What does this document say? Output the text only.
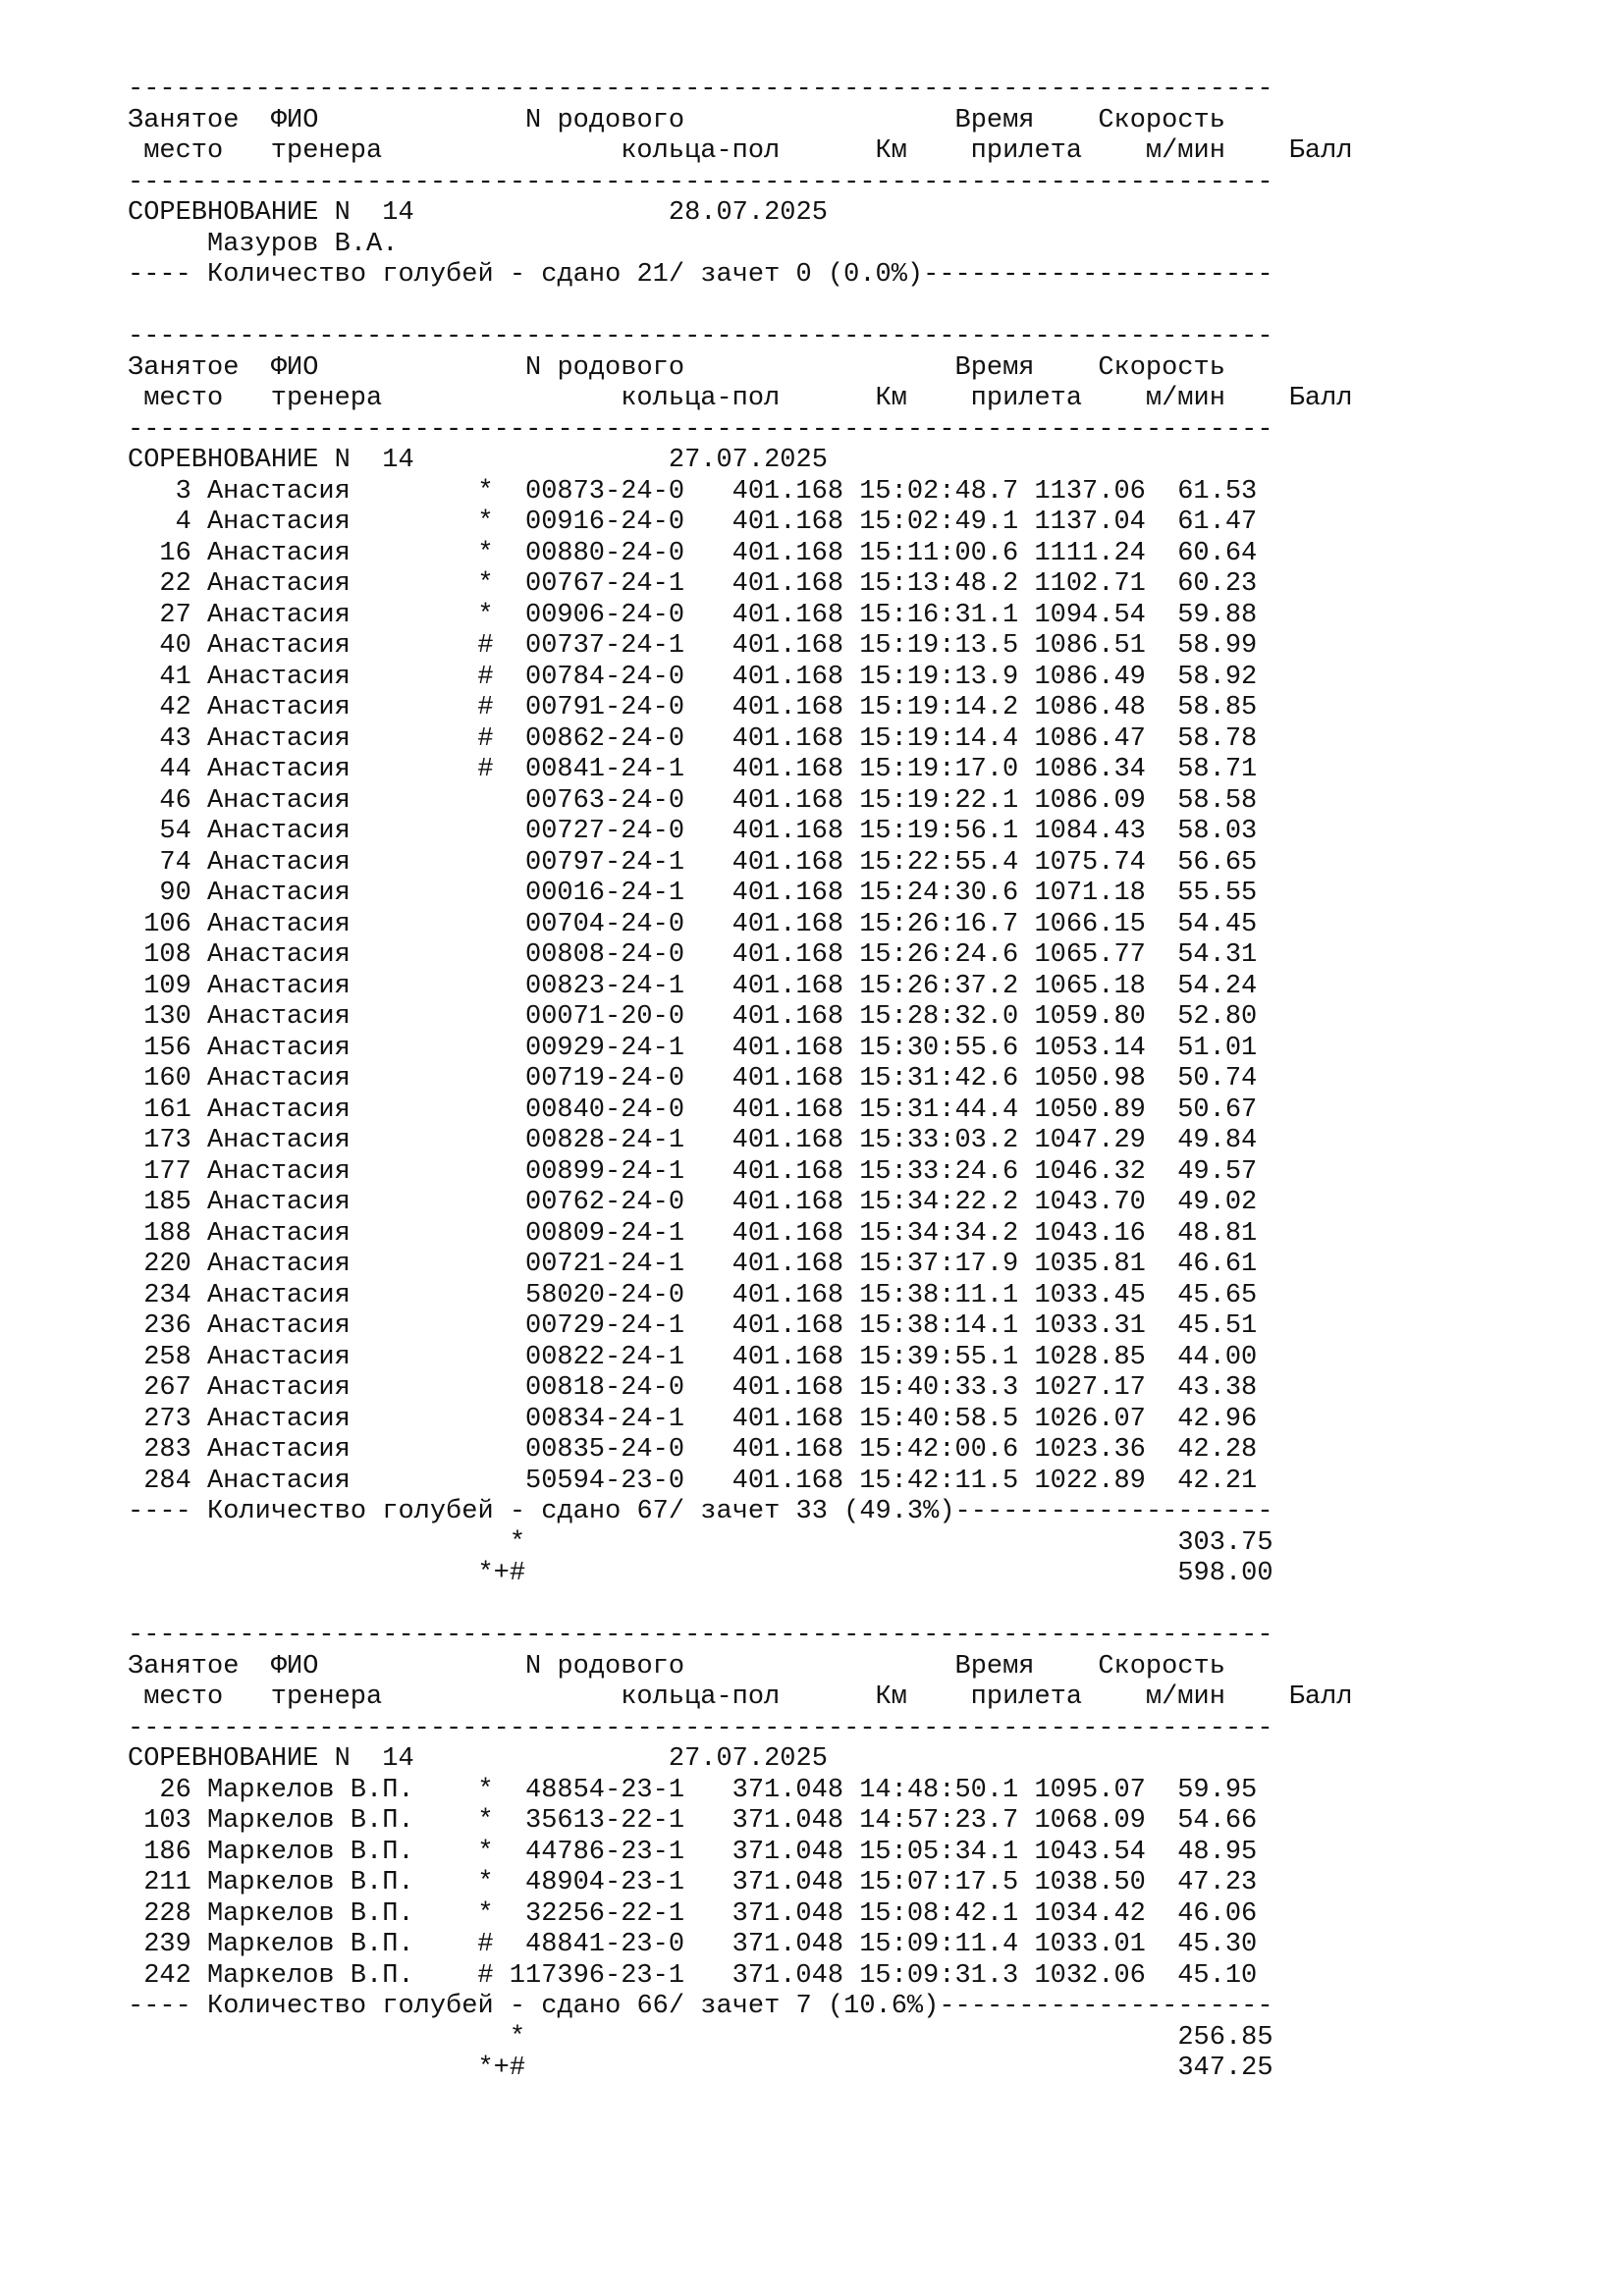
------------------------------------------------------------------------
Занятое ФИО	N родового	Время Скорость
место тренера	кольца-пол	Км прилета м/мин Балл
------------------------------------------------------------------------
СОРЕВНОВАНИЕ N  14	28.07.2025
Мазуров В.А.
---- Количество голубей - сдано 21/ зачет 0 (0.0%)----------------------
------------------------------------------------------------------------
Занятое ФИО	N родового	Время Скорость
место тренера	кольца-пол	Км прилета м/мин Балл
------------------------------------------------------------------------
СОРЕВНОВАНИЕ N  14	27.07.2025
3 Анастасия	* 00873-24-0 401.168 15:02:48.7 1137.06 61.53
4 Анастасия	* 00916-24-0 401.168 15:02:49.1 1137.04 61.47
16 Анастасия	* 00880-24-0 401.168 15:11:00.6 1111.24 60.64
22 Анастасия	* 00767-24-1 401.168 15:13:48.2 1102.71 60.23
27 Анастасия	* 00906-24-0 401.168 15:16:31.1 1094.54 59.88
40 Анастасия	# 00737-24-1 401.168 15:19:13.5 1086.51 58.99
41 Анастасия	# 00784-24-0 401.168 15:19:13.9 1086.49 58.92
42 Анастасия	# 00791-24-0 401.168 15:19:14.2 1086.48 58.85
43 Анастасия	# 00862-24-0 401.168 15:19:14.4 1086.47 58.78
44 Анастасия	# 00841-24-1 401.168 15:19:17.0 1086.34 58.71
46 Анастасия	00763-24-0 401.168 15:19:22.1 1086.09 58.58
54 Анастасия	00727-24-0 401.168 15:19:56.1 1084.43 58.03
74 Анастасия	00797-24-1 401.168 15:22:55.4 1075.74 56.65
90 Анастасия	00016-24-1 401.168 15:24:30.6 1071.18 55.55
106 Анастасия	00704-24-0 401.168 15:26:16.7 1066.15 54.45
108 Анастасия	00808-24-0 401.168 15:26:24.6 1065.77 54.31
109 Анастасия	00823-24-1 401.168 15:26:37.2 1065.18 54.24
130 Анастасия	00071-20-0 401.168 15:28:32.0 1059.80 52.80
156 Анастасия	00929-24-1 401.168 15:30:55.6 1053.14 51.01
160 Анастасия	00719-24-0 401.168 15:31:42.6 1050.98 50.74
161 Анастасия	00840-24-0 401.168 15:31:44.4 1050.89 50.67
173 Анастасия	00828-24-1 401.168 15:33:03.2 1047.29 49.84
177 Анастасия	00899-24-1 401.168 15:33:24.6 1046.32 49.57
185 Анастасия	00762-24-0 401.168 15:34:22.2 1043.70 49.02
188 Анастасия	00809-24-1 401.168 15:34:34.2 1043.16 48.81
220 Анастасия	00721-24-1 401.168 15:37:17.9 1035.81 46.61
234 Анастасия	58020-24-0 401.168 15:38:11.1 1033.45 45.65
236 Анастасия	00729-24-1 401.168 15:38:14.1 1033.31 45.51
258 Анастасия	00822-24-1 401.168 15:39:55.1 1028.85 44.00
267 Анастасия	00818-24-0 401.168 15:40:33.3 1027.17 43.38
273 Анастасия	00834-24-1 401.168 15:40:58.5 1026.07 42.96
283 Анастасия	00835-24-0 401.168 15:42:00.6 1023.36 42.28
284 Анастасия	50594-23-0 401.168 15:42:11.5 1022.89 42.21
---- Количество голубей - сдано 67/ зачет 33 (49.3%)--------------------
*	303.75
*+#	598.00
------------------------------------------------------------------------
Занятое ФИО	N родового	Время Скорость
место тренера	кольца-пол	Км прилета м/мин Балл
------------------------------------------------------------------------
СОРЕВНОВАНИЕ N  14	27.07.2025
26 Маркелов В.П. * 48854-23-1 371.048 14:48:50.1 1095.07 59.95
103 Маркелов В.П. * 35613-22-1 371.048 14:57:23.7 1068.09 54.66
186 Маркелов В.П. * 44786-23-1 371.048 15:05:34.1 1043.54 48.95
211 Маркелов В.П. * 48904-23-1 371.048 15:07:17.5 1038.50 47.23
228 Маркелов В.П. * 32256-22-1 371.048 15:08:42.1 1034.42 46.06
239 Маркелов В.П. # 48841-23-0 371.048 15:09:11.4 1033.01 45.30
242 Маркелов В.П. # 117396-23-1 371.048 15:09:31.3 1032.06 45.10
---- Количество голубей - сдано 66/ зачет 7 (10.6%)---------------------
*	256.85
*+#	347.25
